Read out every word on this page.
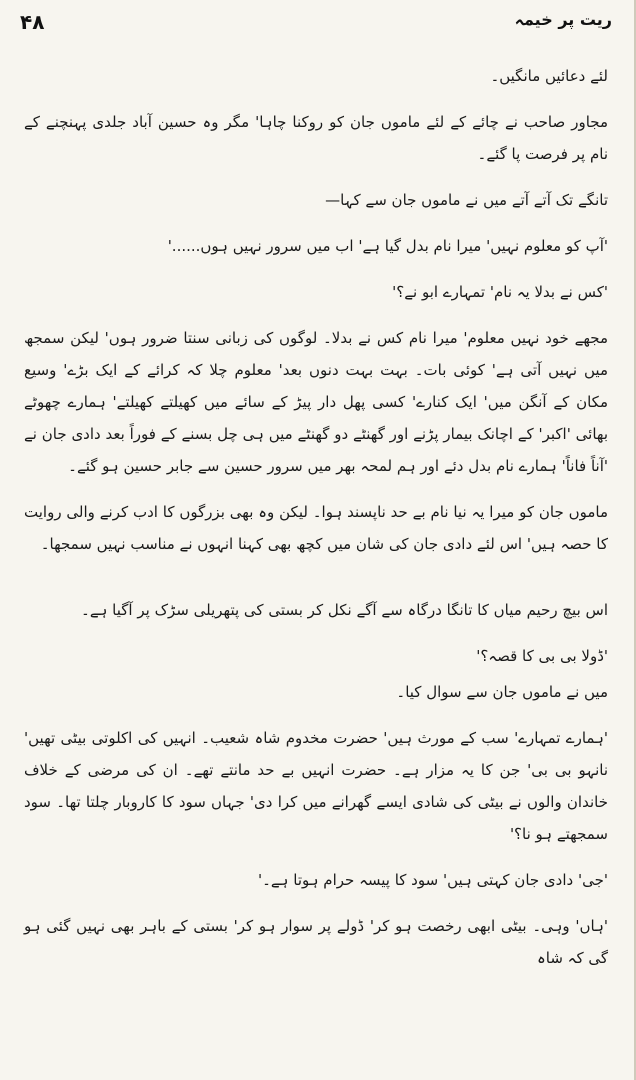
۴۸	ریت پر خیمہ

لئے دعائیں مانگیں۔

مجاور صاحب نے چائے کے لئے ماموں جان کو روکنا چاہا' مگر وہ حسین آباد جلدی پہنچنے کے نام پر فرصت پا گئے۔

تانگے تک آتے آتے میں نے ماموں جان سے کہا—

'آپ کو معلوم نہیں' میرا نام بدل گیا ہے' اب میں سرور نہیں ہوں......'

'کس نے بدلا یہ نام' تمہارے ابو نے؟'

مجھے خود نہیں معلوم' میرا نام کس نے بدلا۔ لوگوں کی زبانی سنتا ضرور ہوں' لیکن سمجھ میں نہیں آتی ہے' کوئی بات۔ بہت بہت دنوں بعد' معلوم چلا کہ کرائے کے ایک بڑے' وسیع مکان کے آنگن میں' ایک کنارے' کسی پھل دار پیڑ کے سائے میں کھیلتے کھیلتے' ہمارے چھوٹے بھائی 'اکبر' کے اچانک بیمار پڑنے اور گھنٹے دو گھنٹے میں ہی چل بسنے کے فوراً بعد دادی جان نے 'آناً فاناً' ہمارے نام بدل دئے اور ہم لمحہ بھر میں سرور حسین سے جابر حسین ہو گئے۔

ماموں جان کو میرا یہ نیا نام بے حد ناپسند ہوا۔ لیکن وہ بھی بزرگوں کا ادب کرنے والی روایت کا حصہ ہیں' اس لئے دادی جان کی شان میں کچھ بھی کہنا انہوں نے مناسب نہیں سمجھا۔

اس بیچ رحیم میاں کا تانگا درگاہ سے آگے نکل کر بستی کی پتھریلی سڑک پر آگیا ہے۔

'ڈولا بی بی کا قصہ؟'

میں نے ماموں جان سے سوال کیا۔

'ہمارے تمہارے' سب کے مورث ہیں' حضرت مخدوم شاہ شعیب۔ انہیں کی اکلوتی بیٹی تھیں' نانہو بی بی' جن کا یہ مزار ہے۔ حضرت انہیں بے حد مانتے تھے۔ ان کی مرضی کے خلاف خاندان والوں نے بیٹی کی شادی ایسے گھرانے میں کرا دی' جہاں سود کا کاروبار چلتا تھا۔ سود سمجھتے ہو نا؟'

'جی' دادی جان کہتی ہیں' سود کا پیسہ حرام ہوتا ہے۔'

'ہاں' وہی۔ بیٹی ابھی رخصت ہو کر' ڈولے پر سوار ہو کر' بستی کے باہر بھی نہیں گئی ہو گی کہ شاہ
